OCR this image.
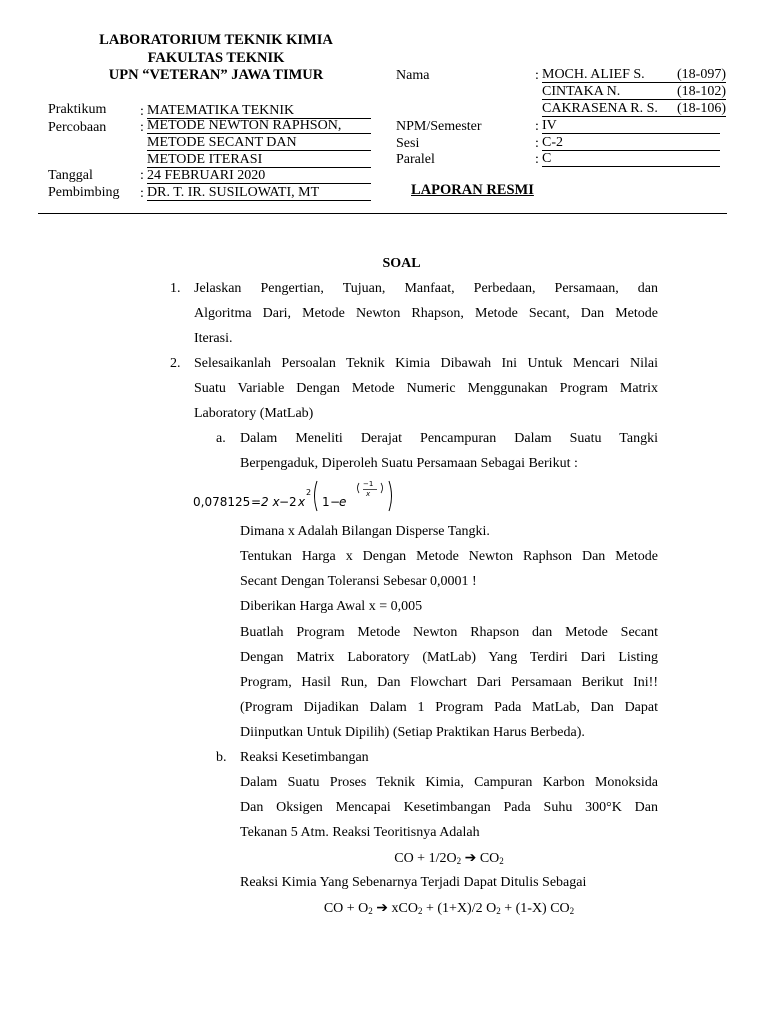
LABORATORIUM TEKNIK KIMIA
FAKULTAS TEKNIK
UPN “VETERAN” JAWA TIMUR
Praktikum : MATEMATIKA TEKNIK
Percobaan : METODE NEWTON RAPHSON,
METODE SECANT DAN
METODE ITERASI
Tanggal	: 24 FEBRUARI 2020
Pembimbing : DR. T. IR. SUSILOWATI, MT
Nama	: MOCH. ALIEF S. (18-097)
CINTAKA N.	(18-102)
CAKRASENA R. S. (18-106)
NPM/Semester	: IV
Sesi	: C-2
Paralel	: C
LAPORAN RESMI
SOAL
1. Jelaskan Pengertian, Tujuan, Manfaat, Perbedaan, Persamaan, dan
Algoritma Dari, Metode Newton Rhapson, Metode Secant, Dan Metode
Iterasi.
2. Selesaikanlah Persoalan Teknik Kimia Dibawah Ini Untuk Mencari Nilai
Suatu Variable Dengan Metode Numeric Menggunakan Program Matrix
Laboratory (MatLab)
a. Dalam Meneliti Derajat Pencampuran Dalam Suatu Tangki
Berpengaduk, Diperoleh Suatu Persamaan Sebagai Berikut :
0,078125 = 2 x − 2 x
2
1 −
e
−1
x
Dimana x Adalah Bilangan Disperse Tangki.
Tentukan Harga x Dengan Metode Newton Raphson Dan Metode
Secant Dengan Toleransi Sebesar 0,0001 !
Diberikan Harga Awal x = 0,005
Buatlah Program Metode Newton Rhapson dan Metode Secant
Dengan Matrix Laboratory (MatLab) Yang Terdiri Dari Listing
Program, Hasil Run, Dan Flowchart Dari Persamaan Berikut Ini!!
(Program Dijadikan Dalam 1 Program Pada MatLab, Dan Dapat
Diinputkan Untuk Dipilih) (Setiap Praktikan Harus Berbeda).
b. Reaksi Kesetimbangan
Dalam Suatu Proses Teknik Kimia, Campuran Karbon Monoksida
Dan Oksigen Mencapai Kesetimbangan Pada Suhu 300°K Dan
Tekanan 5 Atm. Reaksi Teoritisnya Adalah
CO + $1/2O_2$ ➔ $CO_2$
Reaksi Kimia Yang Sebenarnya Terjadi Dapat Ditulis Sebagai
CO + $O_2$ ➔ xCO$_2$ + (1+X)/2 $O_2 + (1-X)$ $CO_2$
